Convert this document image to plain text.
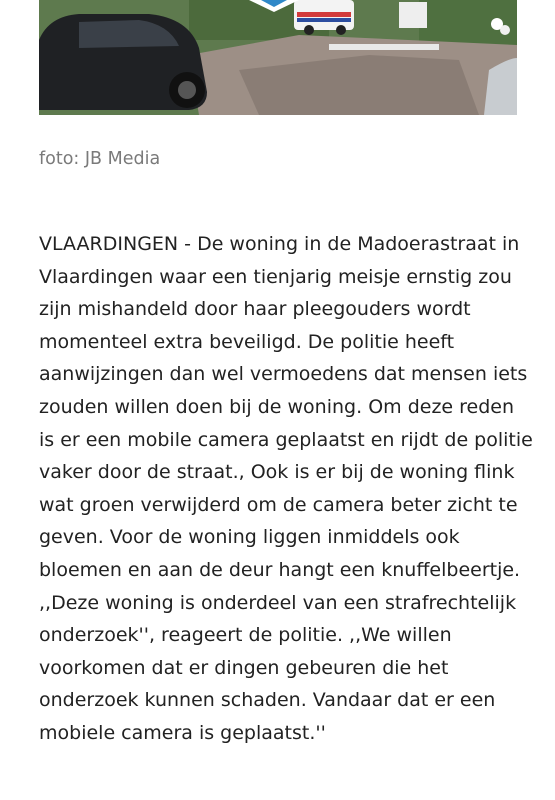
foto: JB Media
VLAARDINGEN - De woning in de Madoerastraat in
Vlaardingen waar een tienjarig meisje ernstig zou
zijn mishandeld door haar pleegouders wordt
momenteel extra beveiligd. De politie heeft
aanwijzingen dan wel vermoedens dat mensen iets
zouden willen doen bij de woning. Om deze reden
is er een mobile camera geplaatst en rijdt de politie
vaker door de straat., Ook is er bij de woning flink
wat groen verwijderd om de camera beter zicht te
geven. Voor de woning liggen inmiddels ook
bloemen en aan de deur hangt een knuffelbeertje.
,,Deze woning is onderdeel van een strafrechtelijk
onderzoek'', reageert de politie. ,,We willen
voorkomen dat er dingen gebeuren die het
onderzoek kunnen schaden. Vandaar dat er een
mobiele camera is geplaatst.''
